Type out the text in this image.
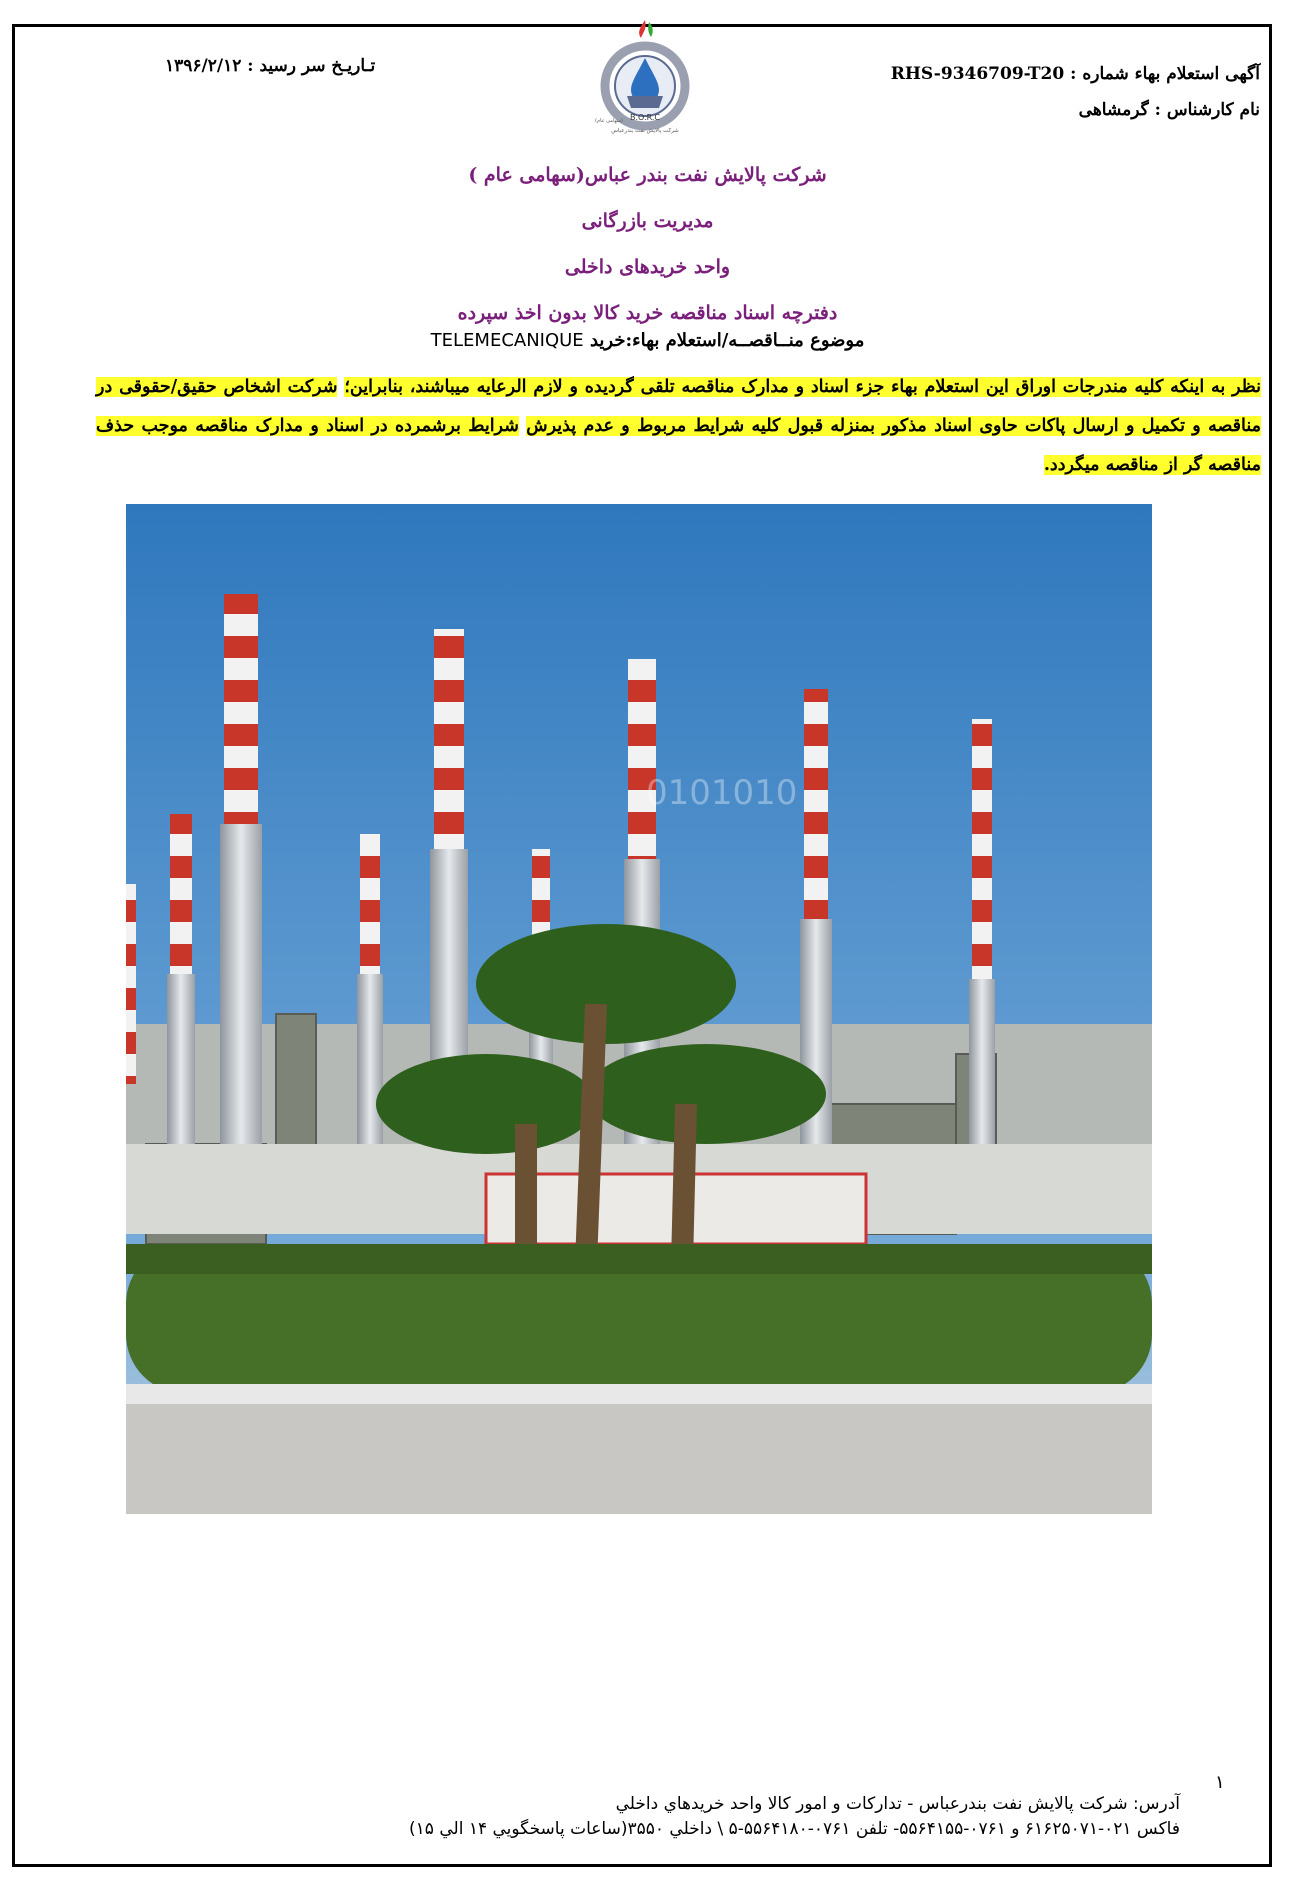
تـاريـخ سر رسيد : ۱۳۹۶/۲/۱۲	آگهی استعلام بهاء شماره : RHS-9346709-T20
نام کارشناس : گرمشاهی
B.O.R.C
شرکت پالایش نفت بندرعباس
(سهامی عام)
شرکت پالایش نفت بندر عباس(سهامی عام )
مدیریت بازرگانی
واحد خریدهای داخلی
دفترچه اسناد مناقصه خرید کالا بدون اخذ سپرده
موضوع منــاقصــه/استعلام بهاء:خرید TELEMECANIQUE
نظر به اینکه کلیه مندرجات اوراق این استعلام بهاء جزء اسناد و مدارک مناقصه تلقی گردیده و لازم الرعایه میباشند، بنابراین؛ شرکت اشخاص حقیق/حقوقی در مناقصه و تکمیل و ارسال پاکات حاوی اسناد مذکور بمنزله قبول کلیه شرایط مربوط و عدم پذیرش شرایط برشمرده در اسناد و مدارک مناقصه موجب حذف مناقصه گر از مناقصه میگردد.
0101010
۱
آدرس: شرکت پالایش نفت بندرعباس - تدارکات و امور کالا واحد خریدهاي داخلي
فاکس ۰۲۱-۶۱۶۲۵۰۷۱ و ۰۷۶۱-۵۵۶۴۱۵۵- تلفن ۰۷۶۱-۵۵۶۴۱۸۰-۵ \ داخلي ۳۵۵۰(ساعات پاسخگويي ۱۴ الي ۱۵)
